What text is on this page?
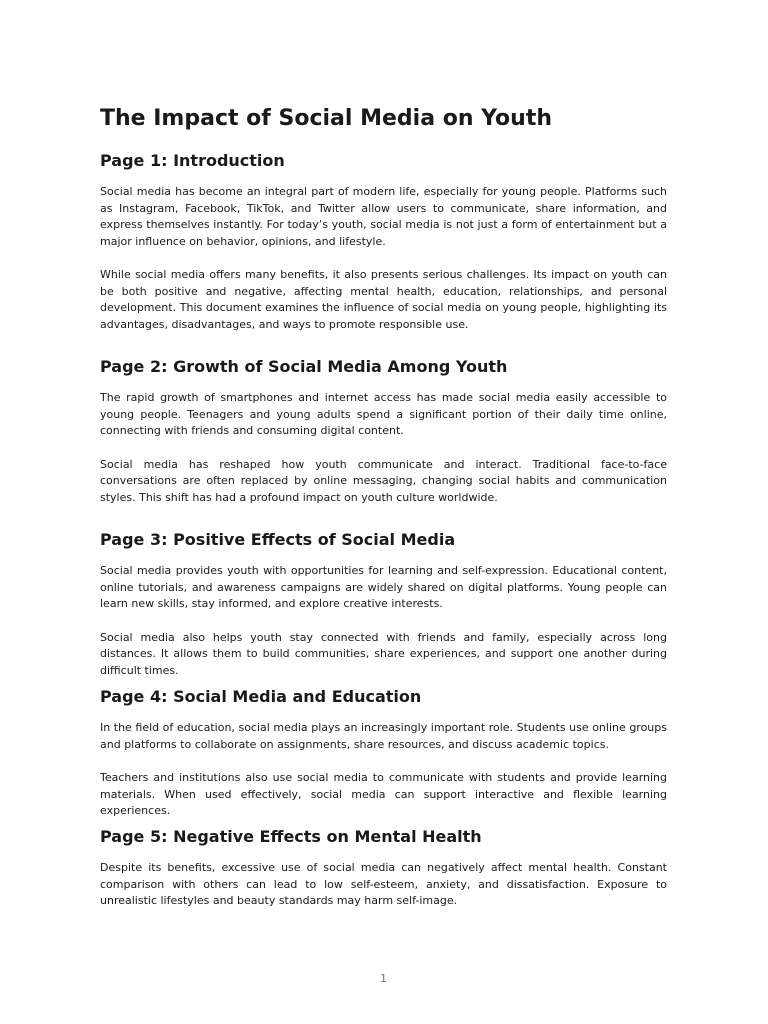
The Impact of Social Media on Youth
Page 1: Introduction

Social media has become an integral part of modern life, especially for young people. Platforms such as Instagram, Facebook, TikTok, and Twitter allow users to communicate, share information, and express themselves instantly. For today’s youth, social media is not just a form of entertainment but a major influence on behavior, opinions, and lifestyle.

While social media offers many benefits, it also presents serious challenges. Its impact on youth can be both positive and negative, affecting mental health, education, relationships, and personal development. This document examines the influence of social media on young people, highlighting its advantages, disadvantages, and ways to promote responsible use.

Page 2: Growth of Social Media Among Youth

The rapid growth of smartphones and internet access has made social media easily accessible to young people. Teenagers and young adults spend a significant portion of their daily time online, connecting with friends and consuming digital content.

Social media has reshaped how youth communicate and interact. Traditional face-to-face conversations are often replaced by online messaging, changing social habits and communication styles. This shift has had a profound impact on youth culture worldwide.

Page 3: Positive Effects of Social Media

Social media provides youth with opportunities for learning and self-expression. Educational content, online tutorials, and awareness campaigns are widely shared on digital platforms. Young people can learn new skills, stay informed, and explore creative interests.

Social media also helps youth stay connected with friends and family, especially across long distances. It allows them to build communities, share experiences, and support one another during difficult times.

Page 4: Social Media and Education

In the field of education, social media plays an increasingly important role. Students use online groups and platforms to collaborate on assignments, share resources, and discuss academic topics.

Teachers and institutions also use social media to communicate with students and provide learning materials. When used effectively, social media can support interactive and flexible learning experiences.

Page 5: Negative Effects on Mental Health

Despite its benefits, excessive use of social media can negatively affect mental health. Constant comparison with others can lead to low self-esteem, anxiety, and dissatisfaction. Exposure to unrealistic lifestyles and beauty standards may harm self-image.

1
